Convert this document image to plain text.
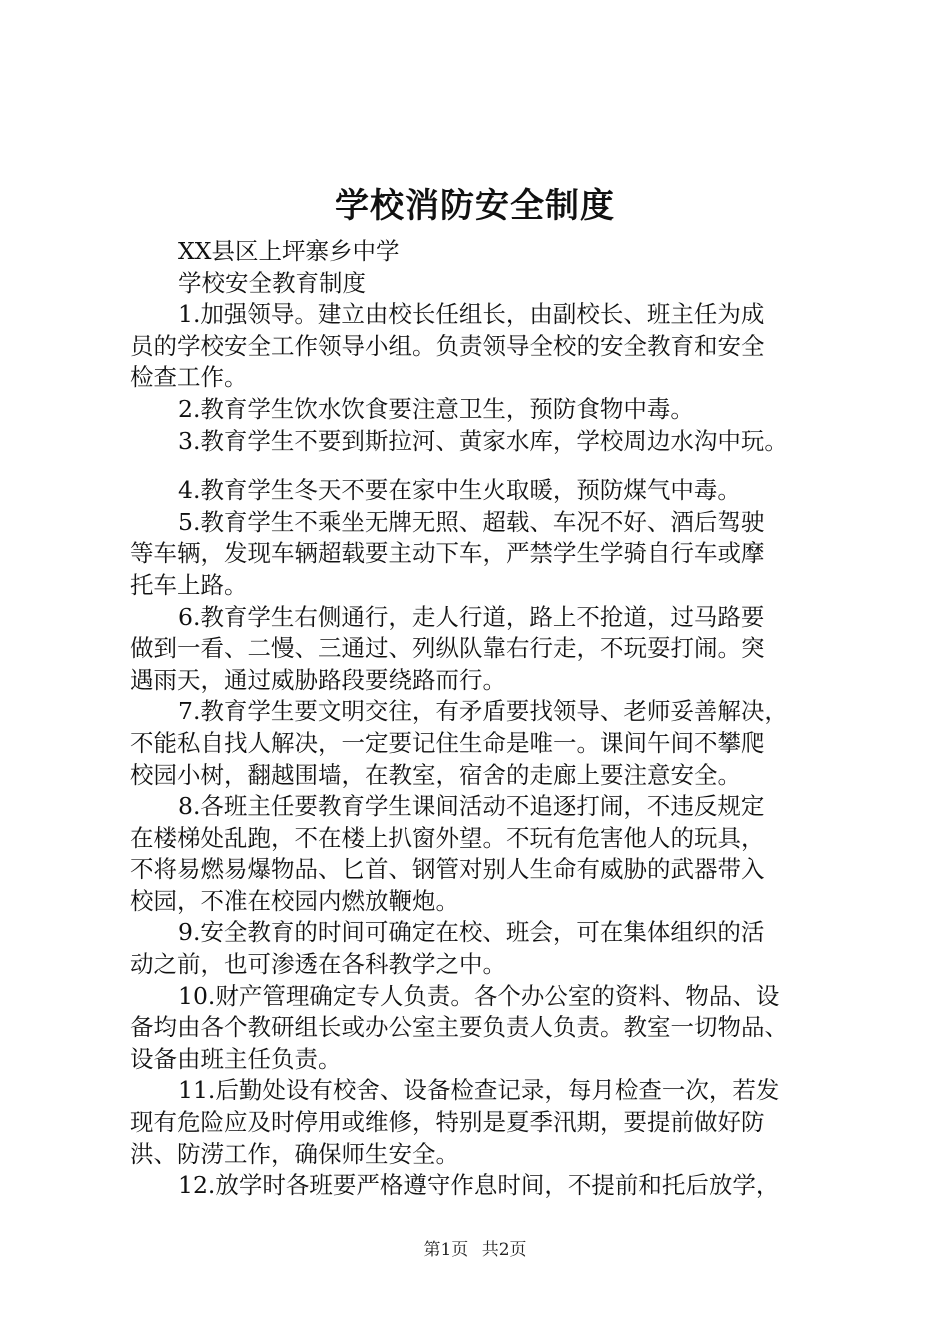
学校消防安全制度

XX县区上坪寨乡中学

学校安全教育制度

1.加强领导。建立由校长任组长，由副校长、班主任为成

员的学校安全工作领导小组。负责领导全校的安全教育和安全

检查工作。

2.教育学生饮水饮食要注意卫生，预防食物中毒。

3.教育学生不要到斯拉河、黄家水库，学校周边水沟中玩。

4.教育学生冬天不要在家中生火取暖，预防煤气中毒。

5.教育学生不乘坐无牌无照、超载、车况不好、酒后驾驶

等车辆，发现车辆超载要主动下车，严禁学生学骑自行车或摩

托车上路。

6.教育学生右侧通行，走人行道，路上不抢道，过马路要

做到一看、二慢、三通过、列纵队靠右行走，不玩耍打闹。突

遇雨天，通过威胁路段要绕路而行。

7.教育学生要文明交往，有矛盾要找领导、老师妥善解决，

不能私自找人解决，一定要记住生命是唯一。课间午间不攀爬

校园小树，翻越围墙，在教室，宿舍的走廊上要注意安全。

8.各班主任要教育学生课间活动不追逐打闹，不违反规定

在楼梯处乱跑，不在楼上扒窗外望。不玩有危害他人的玩具，

不将易燃易爆物品、匕首、钢管对别人生命有威胁的武器带入

校园，不准在校园内燃放鞭炮。

9.安全教育的时间可确定在校、班会，可在集体组织的活

动之前，也可渗透在各科教学之中。

10.财产管理确定专人负责。各个办公室的资料、物品、设

备均由各个教研组长或办公室主要负责人负责。教室一切物品、

设备由班主任负责。

11.后勤处设有校舍、设备检查记录，每月检查一次，若发

现有危险应及时停用或维修，特别是夏季汛期，要提前做好防

洪、防涝工作，确保师生安全。

12.放学时各班要严格遵守作息时间，不提前和托后放学，

第1页 共2页
